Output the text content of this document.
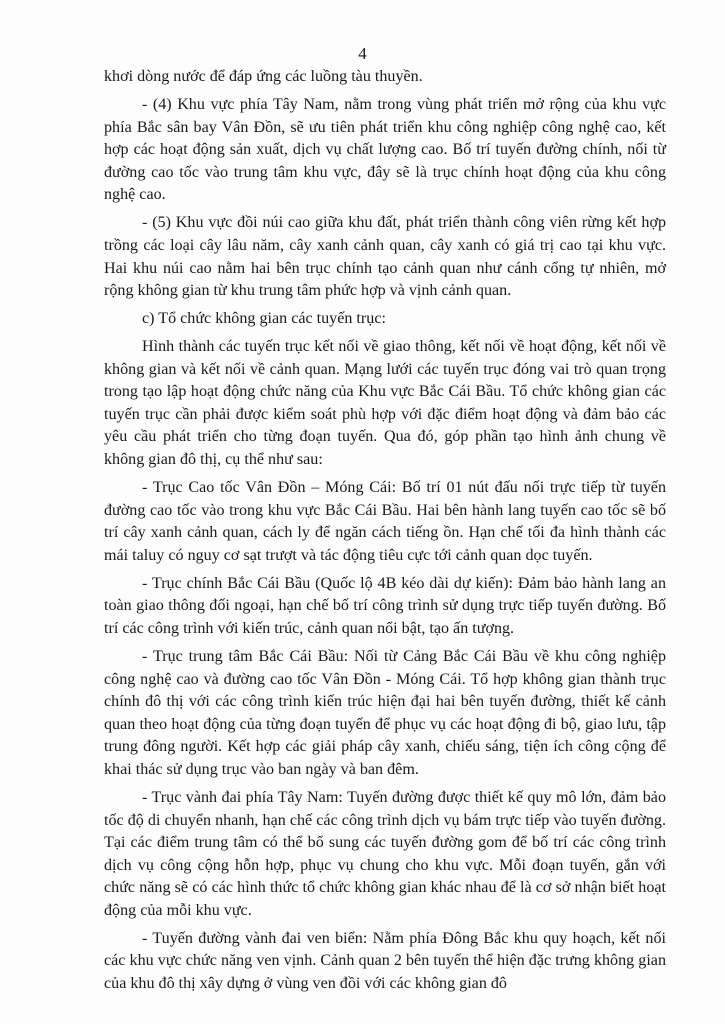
4

khơi dòng nước để đáp ứng các luồng tàu thuyền.

- (4) Khu vực phía Tây Nam, nằm trong vùng phát triển mở rộng của khu vực phía Bắc sân bay Vân Đồn, sẽ ưu tiên phát triển khu công nghiệp công nghệ cao, kết hợp các hoạt động sản xuất, dịch vụ chất lượng cao. Bố trí tuyến đường chính, nối từ đường cao tốc vào trung tâm khu vực, đây sẽ là trục chính hoạt động của khu công nghệ cao.

- (5) Khu vực đồi núi cao giữa khu đất, phát triển thành công viên rừng kết hợp trồng các loại cây lâu năm, cây xanh cảnh quan, cây xanh có giá trị cao tại khu vực. Hai khu núi cao nằm hai bên trục chính tạo cảnh quan như cánh cổng tự nhiên, mở rộng không gian từ khu trung tâm phức hợp và vịnh cảnh quan.

c) Tổ chức không gian các tuyến trục:

Hình thành các tuyến trục kết nối về giao thông, kết nối về hoạt động, kết nối về không gian và kết nối về cảnh quan. Mạng lưới các tuyến trục đóng vai trò quan trọng trong tạo lập hoạt động chức năng của Khu vực Bắc Cái Bầu. Tổ chức không gian các tuyến trục cần phải được kiểm soát phù hợp với đặc điểm hoạt động và đảm bảo các yêu cầu phát triển cho từng đoạn tuyến. Qua đó, góp phần tạo hình ảnh chung về không gian đô thị, cụ thể như sau:

- Trục Cao tốc Vân Đồn – Móng Cái: Bố trí 01 nút đấu nối trực tiếp từ tuyến đường cao tốc vào trong khu vực Bắc Cái Bầu. Hai bên hành lang tuyến cao tốc sẽ bố trí cây xanh cảnh quan, cách ly để ngăn cách tiếng ồn. Hạn chế tối đa hình thành các mái taluy có nguy cơ sạt trượt và tác động tiêu cực tới cảnh quan dọc tuyến.

- Trục chính Bắc Cái Bầu (Quốc lộ 4B kéo dài dự kiến): Đảm bảo hành lang an toàn giao thông đối ngoại, hạn chế bố trí công trình sử dụng trực tiếp tuyến đường. Bố trí các công trình với kiến trúc, cảnh quan nổi bật, tạo ấn tượng.

- Trục trung tâm Bắc Cái Bầu: Nối từ Cảng Bắc Cái Bầu về khu công nghiệp công nghệ cao và đường cao tốc Vân Đồn - Móng Cái. Tổ hợp không gian thành trục chính đô thị với các công trình kiến trúc hiện đại hai bên tuyến đường, thiết kế cảnh quan theo hoạt động của từng đoạn tuyến để phục vụ các hoạt động đi bộ, giao lưu, tập trung đông người. Kết hợp các giải pháp cây xanh, chiếu sáng, tiện ích công cộng để khai thác sử dụng trục vào ban ngày và ban đêm.

- Trục vành đai phía Tây Nam: Tuyến đường được thiết kế quy mô lớn, đảm bảo tốc độ di chuyển nhanh, hạn chế các công trình dịch vụ bám trực tiếp vào tuyến đường. Tại các điểm trung tâm có thể bổ sung các tuyến đường gom để bố trí các công trình dịch vụ công cộng hỗn hợp, phục vụ chung cho khu vực. Mỗi đoạn tuyến, gắn với chức năng sẽ có các hình thức tổ chức không gian khác nhau để là cơ sở nhận biết hoạt động của mỗi khu vực.

- Tuyến đường vành đai ven biển: Nằm phía Đông Bắc khu quy hoạch, kết nối các khu vực chức năng ven vịnh. Cảnh quan 2 bên tuyến thể hiện đặc trưng không gian của khu đô thị xây dựng ở vùng ven đồi với các không gian đô
